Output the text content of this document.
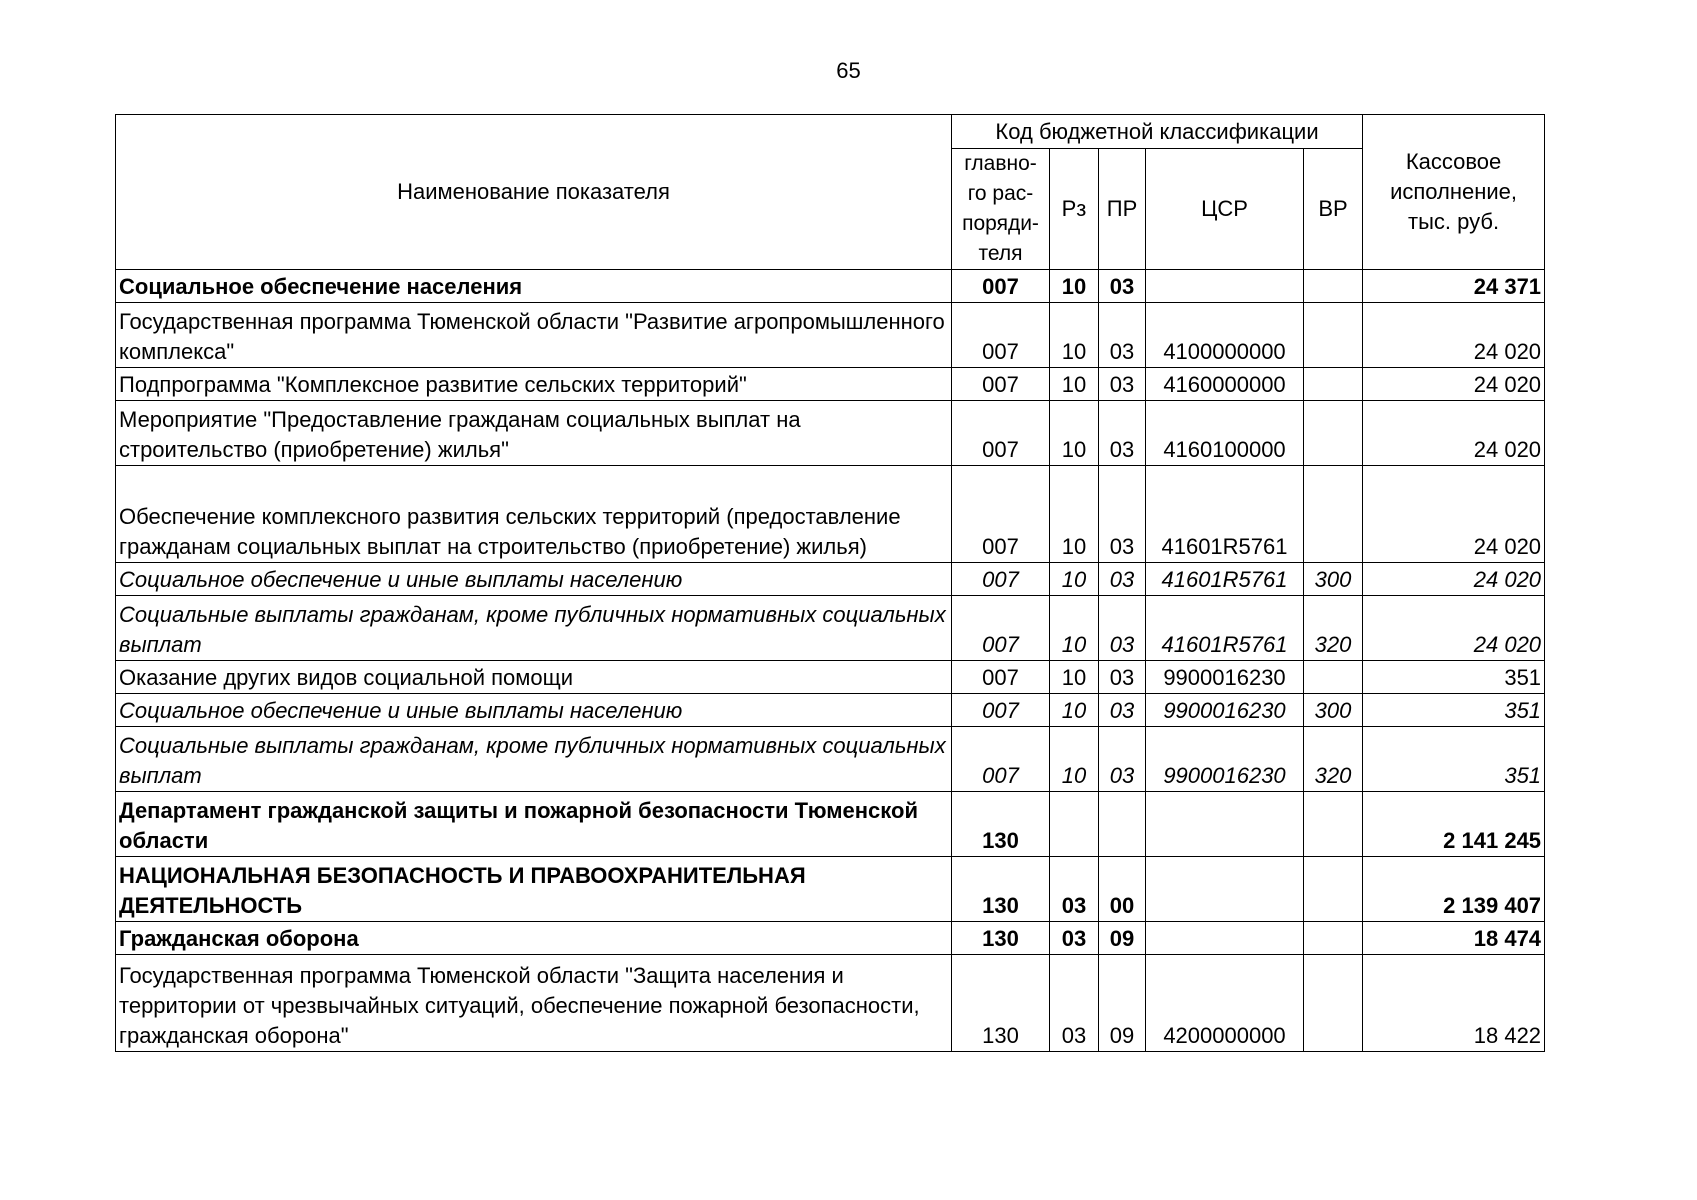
65
Наименование показателя	Код бюджетной классификации					Кассовое исполнение, тыс. руб.
	главно-го рас-поряди-теля	Рз	ПР	ЦСР	ВР	
Социальное обеспечение населения	007	10	03			24 371
Государственная программа Тюменской области "Развитие агропромышленного комплекса"	007	10	03	4100000000		24 020
Подпрограмма "Комплексное развитие сельских территорий"	007	10	03	4160000000		24 020
Мероприятие "Предоставление гражданам социальных выплат на строительство (приобретение) жилья"	007	10	03	4160100000		24 020
Обеспечение комплексного развития сельских территорий (предоставление гражданам социальных выплат на строительство (приобретение) жилья)	007	10	03	41601R5761		24 020
Социальное обеспечение и иные выплаты населению	007	10	03	41601R5761	300	24 020
Социальные выплаты гражданам, кроме публичных нормативных социальных выплат	007	10	03	41601R5761	320	24 020
Оказание других видов социальной помощи	007	10	03	9900016230		351
Социальное обеспечение и иные выплаты населению	007	10	03	9900016230	300	351
Социальные выплаты гражданам, кроме публичных нормативных социальных выплат	007	10	03	9900016230	320	351
Департамент гражданской защиты и пожарной безопасности Тюменской области	130					2 141 245
НАЦИОНАЛЬНАЯ БЕЗОПАСНОСТЬ И ПРАВООХРАНИТЕЛЬНАЯ ДЕЯТЕЛЬНОСТЬ	130	03	00			2 139 407
Гражданская оборона	130	03	09			18 474
Государственная программа Тюменской области "Защита населения и территории от чрезвычайных ситуаций, обеспечение пожарной безопасности, гражданская оборона"	130	03	09	4200000000		18 422
